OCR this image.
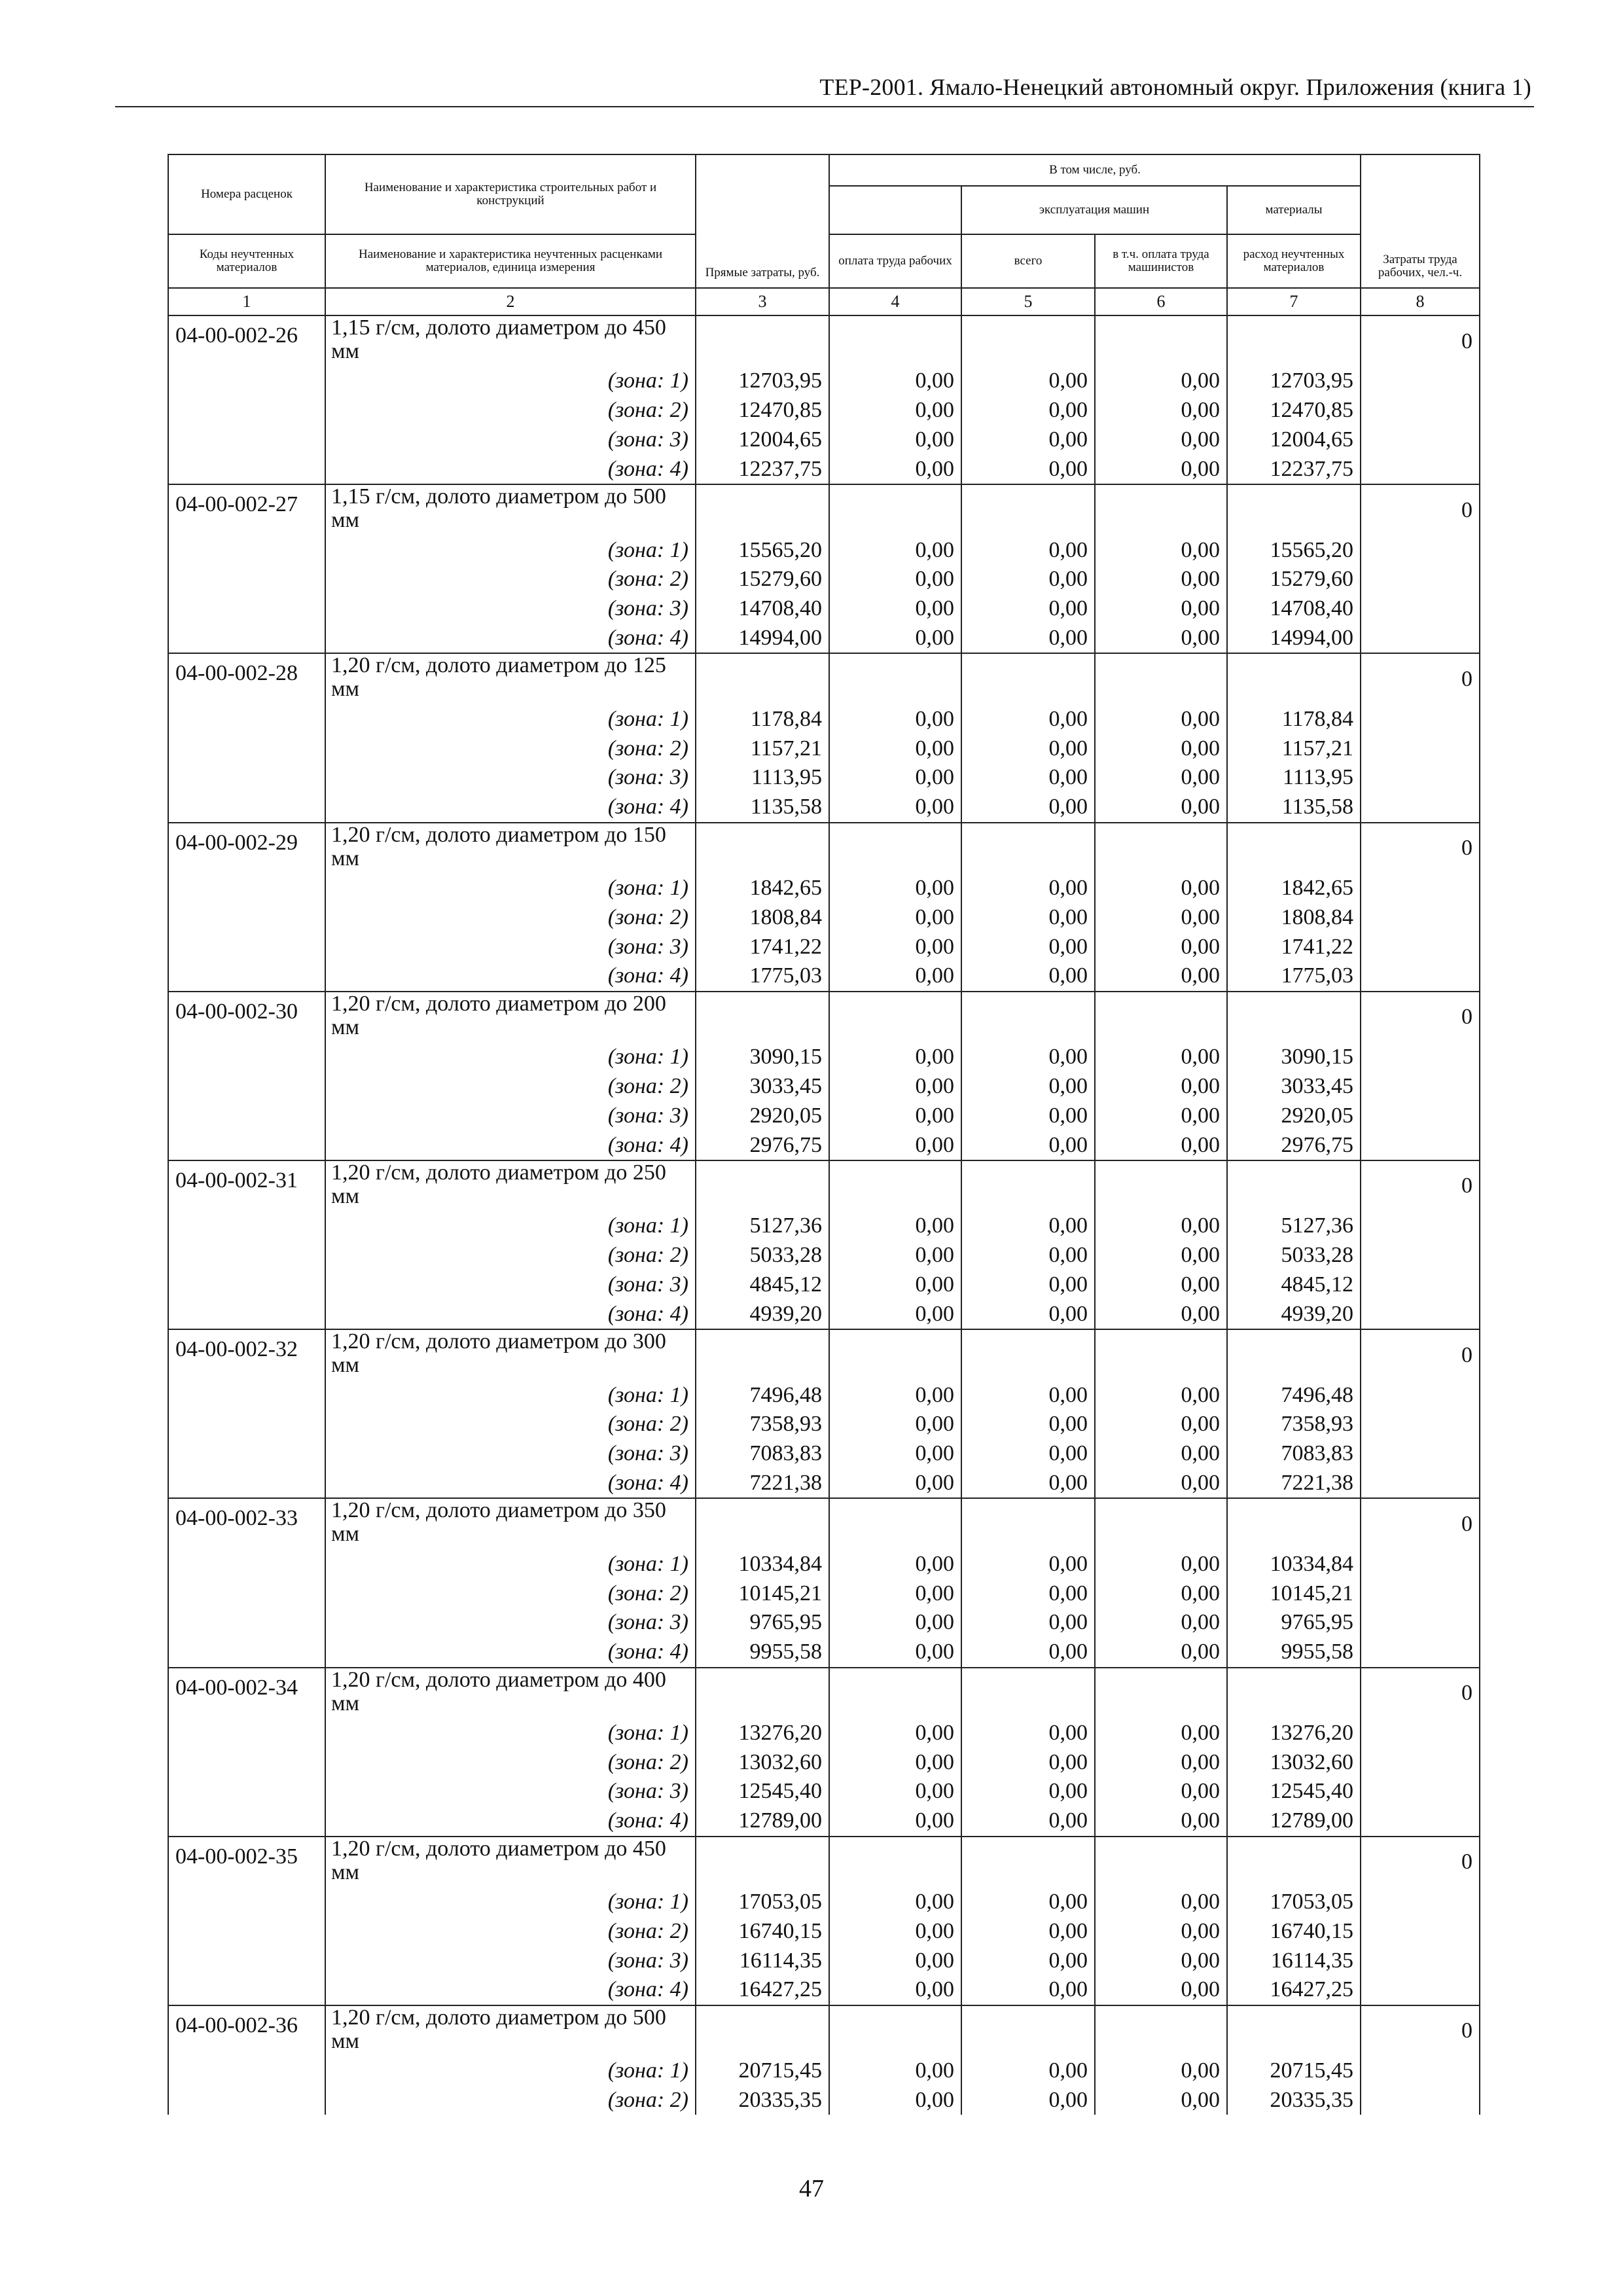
ТЕР-2001. Ямало-Ненецкий автономный округ. Приложения (книга 1)
Номера расценок	Наименование и характеристика строительных работ и конструкций	Прямые затраты, руб.	В том числе, руб.				Затраты труда рабочих, чел.-ч.
				эксплуатация машин		материалы	
Коды неучтенных материалов	Наименование и характеристика неучтенных расценками материалов, единица измерения		оплата труда рабочих	всего	в т.ч. оплата труда машинистов	расход неучтенных материалов	
1	2	3	4	5	6	7	8
04-00-002-26	1,15 г/см, долото диаметром до 450 мм						0
	(зона: 1)	12703,95	0,00	0,00	0,00	12703,95	
	(зона: 2)	12470,85	0,00	0,00	0,00	12470,85	
	(зона: 3)	12004,65	0,00	0,00	0,00	12004,65	
	(зона: 4)	12237,75	0,00	0,00	0,00	12237,75	
04-00-002-27	1,15 г/см, долото диаметром до 500 мм						0
	(зона: 1)	15565,20	0,00	0,00	0,00	15565,20	
	(зона: 2)	15279,60	0,00	0,00	0,00	15279,60	
	(зона: 3)	14708,40	0,00	0,00	0,00	14708,40	
	(зона: 4)	14994,00	0,00	0,00	0,00	14994,00	
04-00-002-28	1,20 г/см, долото диаметром до 125 мм						0
	(зона: 1)	1178,84	0,00	0,00	0,00	1178,84	
	(зона: 2)	1157,21	0,00	0,00	0,00	1157,21	
	(зона: 3)	1113,95	0,00	0,00	0,00	1113,95	
	(зона: 4)	1135,58	0,00	0,00	0,00	1135,58	
04-00-002-29	1,20 г/см, долото диаметром до 150 мм						0
	(зона: 1)	1842,65	0,00	0,00	0,00	1842,65	
	(зона: 2)	1808,84	0,00	0,00	0,00	1808,84	
	(зона: 3)	1741,22	0,00	0,00	0,00	1741,22	
	(зона: 4)	1775,03	0,00	0,00	0,00	1775,03	
04-00-002-30	1,20 г/см, долото диаметром до 200 мм						0
	(зона: 1)	3090,15	0,00	0,00	0,00	3090,15	
	(зона: 2)	3033,45	0,00	0,00	0,00	3033,45	
	(зона: 3)	2920,05	0,00	0,00	0,00	2920,05	
	(зона: 4)	2976,75	0,00	0,00	0,00	2976,75	
04-00-002-31	1,20 г/см, долото диаметром до 250 мм						0
	(зона: 1)	5127,36	0,00	0,00	0,00	5127,36	
	(зона: 2)	5033,28	0,00	0,00	0,00	5033,28	
	(зона: 3)	4845,12	0,00	0,00	0,00	4845,12	
	(зона: 4)	4939,20	0,00	0,00	0,00	4939,20	
04-00-002-32	1,20 г/см, долото диаметром до 300 мм						0
	(зона: 1)	7496,48	0,00	0,00	0,00	7496,48	
	(зона: 2)	7358,93	0,00	0,00	0,00	7358,93	
	(зона: 3)	7083,83	0,00	0,00	0,00	7083,83	
	(зона: 4)	7221,38	0,00	0,00	0,00	7221,38	
04-00-002-33	1,20 г/см, долото диаметром до 350 мм						0
	(зона: 1)	10334,84	0,00	0,00	0,00	10334,84	
	(зона: 2)	10145,21	0,00	0,00	0,00	10145,21	
	(зона: 3)	9765,95	0,00	0,00	0,00	9765,95	
	(зона: 4)	9955,58	0,00	0,00	0,00	9955,58	
04-00-002-34	1,20 г/см, долото диаметром до 400 мм						0
	(зона: 1)	13276,20	0,00	0,00	0,00	13276,20	
	(зона: 2)	13032,60	0,00	0,00	0,00	13032,60	
	(зона: 3)	12545,40	0,00	0,00	0,00	12545,40	
	(зона: 4)	12789,00	0,00	0,00	0,00	12789,00	
04-00-002-35	1,20 г/см, долото диаметром до 450 мм						0
	(зона: 1)	17053,05	0,00	0,00	0,00	17053,05	
	(зона: 2)	16740,15	0,00	0,00	0,00	16740,15	
	(зона: 3)	16114,35	0,00	0,00	0,00	16114,35	
	(зона: 4)	16427,25	0,00	0,00	0,00	16427,25	
04-00-002-36	1,20 г/см, долото диаметром до 500 мм						0
	(зона: 1)	20715,45	0,00	0,00	0,00	20715,45	
	(зона: 2)	20335,35	0,00	0,00	0,00	20335,35	
47
